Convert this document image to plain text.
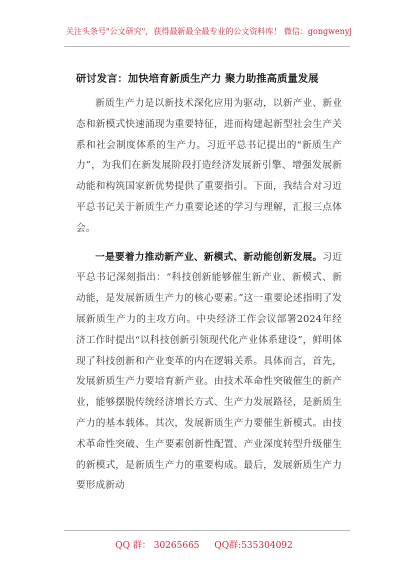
关注头条号"公文研究"，获得最新最全最专业的公文资料库！ 微信：gongwenyj
研讨发言：加快培育新质生产力 聚力助推高质量发展

新质生产力是以新技术深化应用为驱动，以新产业、新业态和新模式快速涌现为重要特征，进而构建起新型社会生产关系和社会制度体系的生产力。习近平总书记提出的“新质生产力”，为我们在新发展阶段打造经济发展新引擎、增强发展新动能和构筑国家新优势提供了重要指引。下面，我结合对习近平总书记关于新质生产力重要论述的学习与理解，汇报三点体会。

一是要着力推动新产业、新模式、新动能创新发展。习近平总书记深刻指出：“科技创新能够催生新产业、新模式、新动能，是发展新质生产力的核心要素。”这一重要论述指明了发展新质生产力的主攻方向。中央经济工作会议部署2024年经济工作时提出“以科技创新引领现代化产业体系建设”，鲜明体现了科技创新和产业变革的内在逻辑关系。具体而言，首先，发展新质生产力要培育新产业。由技术革命性突破催生的新产业，能够摆脱传统经济增长方式、生产力发展路径，是新质生产力的基本载体。其次，发展新质生产力要催生新模式。由技术革命性突破、生产要素创新性配置、产业深度转型升级催生的新模式，是新质生产力的重要构成。最后，发展新质生产力要形成新动

QQ 群： 30265665 QQ群:535304092
